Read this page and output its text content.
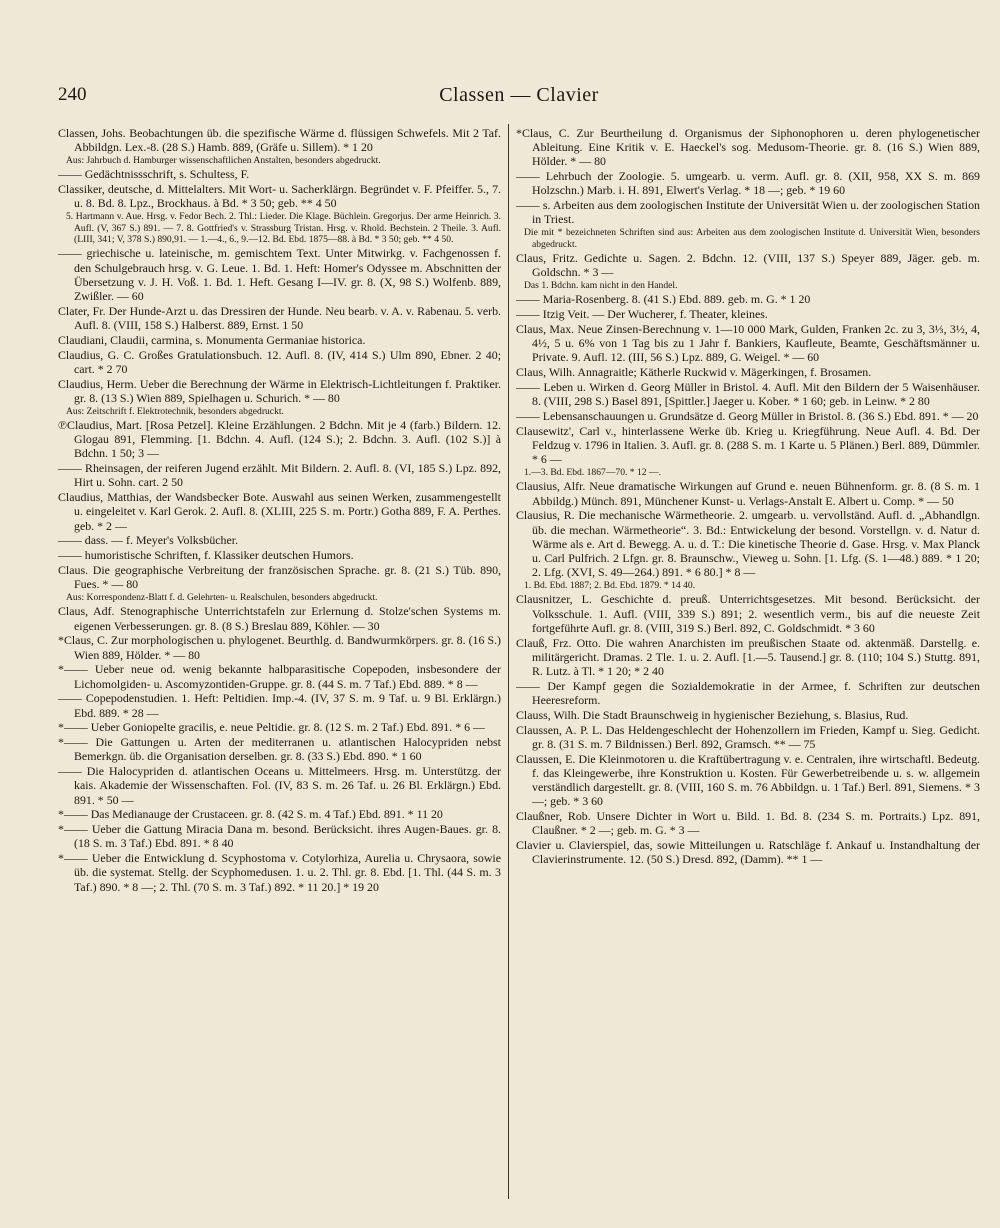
240	Classen — Clavier

Classen, Johs. Beobachtungen üb. die spezifische Wärme d. flüssigen Schwefels. Mit 2 Taf. Abbildgn. Lex.-8. (28 S.) Hamb. 889, (Gräfe u. Sillem). * 1 20

Aus: Jahrbuch d. Hamburger wissenschaftlichen Anstalten, besonders abgedruckt.

—— Gedächtnissschrift, s. Schultess, F.

Classiker, deutsche, d. Mittelalters. Mit Wort- u. Sacherklärgn. Begründet v. F. Pfeiffer. 5., 7. u. 8. Bd. 8. Lpz., Brockhaus. à Bd. * 3 50; geb. ** 4 50

5. Hartmann v. Aue. Hrsg. v. Fedor Bech. 2. Thl.: Lieder. Die Klage. Büchlein. Gregorjus. Der arme Heinrich. 3. Aufl. (V, 367 S.) 891. — 7. 8. Gottfried's v. Strassburg Tristan. Hrsg. v. Rhold. Bechstein. 2 Theile. 3. Aufl. (LIII, 341; V, 378 S.) 890,91. — 1.—4., 6., 9.—12. Bd. Ebd. 1875—88. à Bd. * 3 50; geb. ** 4 50.

—— griechische u. lateinische, m. gemischtem Text. Unter Mitwirkg. v. Fachgenossen f. den Schulgebrauch hrsg. v. G. Leue. 1. Bd. 1. Heft: Homer's Odyssee m. Abschnitten der Übersetzung v. J. H. Voß. 1. Bd. 1. Heft. Gesang I—IV. gr. 8. (X, 98 S.) Wolfenb. 889, Zwißler. — 60

Clater, Fr. Der Hunde-Arzt u. das Dressiren der Hunde. Neu bearb. v. A. v. Rabenau. 5. verb. Aufl. 8. (VIII, 158 S.) Halberst. 889, Ernst. 1 50

Claudiani, Claudii, carmina, s. Monumenta Germaniae historica.

Claudius, G. C. Großes Gratulationsbuch. 12. Aufl. 8. (IV, 414 S.) Ulm 890, Ebner. 2 40; cart. * 2 70

Claudius, Herm. Ueber die Berechnung der Wärme in Elektrisch-Lichtleitungen f. Praktiker. gr. 8. (13 S.) Wien 889, Spielhagen u. Schurich. * — 80

Aus: Zeitschrift f. Elektrotechnik, besonders abgedruckt.

℗Claudius, Mart. [Rosa Petzel]. Kleine Erzählungen. 2 Bdchn. Mit je 4 (farb.) Bildern. 12. Glogau 891, Flemming. [1. Bdchn. 4. Aufl. (124 S.); 2. Bdchn. 3. Aufl. (102 S.)] à Bdchn. 1 50; 3 —

—— Rheinsagen, der reiferen Jugend erzählt. Mit Bildern. 2. Aufl. 8. (VI, 185 S.) Lpz. 892, Hirt u. Sohn. cart. 2 50

Claudius, Matthias, der Wandsbecker Bote. Auswahl aus seinen Werken, zusammengestellt u. eingeleitet v. Karl Gerok. 2. Aufl. 8. (XLIII, 225 S. m. Portr.) Gotha 889, F. A. Perthes. geb. * 2 —

—— dass. — f. Meyer's Volksbücher.

—— humoristische Schriften, f. Klassiker deutschen Humors.

Claus. Die geographische Verbreitung der französischen Sprache. gr. 8. (21 S.) Tüb. 890, Fues. * — 80

Aus: Korrespondenz-Blatt f. d. Gelehrten- u. Realschulen, besonders abgedruckt.

Claus, Adf. Stenographische Unterrichtstafeln zur Erlernung d. Stolze'schen Systems m. eigenen Verbesserungen. gr. 8. (8 S.) Breslau 889, Köhler. — 30

*Claus, C. Zur morphologischen u. phylogenet. Beurthlg. d. Bandwurmkörpers. gr. 8. (16 S.) Wien 889, Hölder. * — 80

*—— Ueber neue od. wenig bekannte halbparasitische Copepoden, insbesondere der Lichomolgiden- u. Ascomyzontiden-Gruppe. gr. 8. (44 S. m. 7 Taf.) Ebd. 889. * 8 —

—— Copepodenstudien. 1. Heft: Peltidien. Imp.-4. (IV, 37 S. m. 9 Taf. u. 9 Bl. Erklärgn.) Ebd. 889. * 28 —

*—— Ueber Goniopelte gracilis, e. neue Peltidie. gr. 8. (12 S. m. 2 Taf.) Ebd. 891. * 6 —

*—— Die Gattungen u. Arten der mediterranen u. atlantischen Halocypriden nebst Bemerkgn. üb. die Organisation derselben. gr. 8. (33 S.) Ebd. 890. * 1 60

—— Die Halocypriden d. atlantischen Oceans u. Mittelmeers. Hrsg. m. Unterstützg. der kais. Akademie der Wissenschaften. Fol. (IV, 83 S. m. 26 Taf. u. 26 Bl. Erklärgn.) Ebd. 891. * 50 —

*—— Das Medianauge der Crustaceen. gr. 8. (42 S. m. 4 Taf.) Ebd. 891. * 11 20

*—— Ueber die Gattung Miracia Dana m. besond. Berücksicht. ihres Augen-Baues. gr. 8. (18 S. m. 3 Taf.) Ebd. 891. * 8 40

*—— Ueber die Entwicklung d. Scyphostoma v. Cotylorhiza, Aurelia u. Chrysaora, sowie üb. die systemat. Stellg. der Scyphomedusen. 1. u. 2. Thl. gr. 8. Ebd. [1. Thl. (44 S. m. 3 Taf.) 890. * 8 —; 2. Thl. (70 S. m. 3 Taf.) 892. * 11 20.] * 19 20

*Claus, C. Zur Beurtheilung d. Organismus der Siphonophoren u. deren phylogenetischer Ableitung. Eine Kritik v. E. Haeckel's sog. Medusom-Theorie. gr. 8. (16 S.) Wien 889, Hölder. * — 80

—— Lehrbuch der Zoologie. 5. umgearb. u. verm. Aufl. gr. 8. (XII, 958, XX S. m. 869 Holzschn.) Marb. i. H. 891, Elwert's Verlag. * 18 —; geb. * 19 60

—— s. Arbeiten aus dem zoologischen Institute der Universität Wien u. der zoologischen Station in Triest.

Die mit * bezeichneten Schriften sind aus: Arbeiten aus dem zoologischen Institute d. Universität Wien, besonders abgedruckt.

Claus, Fritz. Gedichte u. Sagen. 2. Bdchn. 12. (VIII, 137 S.) Speyer 889, Jäger. geb. m. Goldschn. * 3 —

Das 1. Bdchn. kam nicht in den Handel.

—— Maria-Rosenberg. 8. (41 S.) Ebd. 889. geb. m. G. * 1 20

—— Itzig Veit. — Der Wucherer, f. Theater, kleines.

Claus, Max. Neue Zinsen-Berechnung v. 1—10 000 Mark, Gulden, Franken 2c. zu 3, 3⅓, 3½, 4, 4½, 5 u. 6% von 1 Tag bis zu 1 Jahr f. Bankiers, Kaufleute, Beamte, Geschäftsmänner u. Private. 9. Aufl. 12. (III, 56 S.) Lpz. 889, G. Weigel. * — 60

Claus, Wilh. Annagraitle; Kätherle Ruckwid v. Mägerkingen, f. Brosamen.

—— Leben u. Wirken d. Georg Müller in Bristol. 4. Aufl. Mit den Bildern der 5 Waisenhäuser. 8. (VIII, 298 S.) Basel 891, [Spittler.] Jaeger u. Kober. * 1 60; geb. in Leinw. * 2 80

—— Lebensanschauungen u. Grundsätze d. Georg Müller in Bristol. 8. (36 S.) Ebd. 891. * — 20

Clausewitz', Carl v., hinterlassene Werke üb. Krieg u. Kriegführung. Neue Aufl. 4. Bd. Der Feldzug v. 1796 in Italien. 3. Aufl. gr. 8. (288 S. m. 1 Karte u. 5 Plänen.) Berl. 889, Dümmler. * 6 —

1.—3. Bd. Ebd. 1867—70. * 12 —.

Clausius, Alfr. Neue dramatische Wirkungen auf Grund e. neuen Bühnenform. gr. 8. (8 S. m. 1 Abbildg.) Münch. 891, Münchener Kunst- u. Verlags-Anstalt E. Albert u. Comp. * — 50

Clausius, R. Die mechanische Wärmetheorie. 2. umgearb. u. vervollständ. Aufl. d. „Abhandlgn. üb. die mechan. Wärmetheorie“. 3. Bd.: Entwickelung der besond. Vorstellgn. v. d. Natur d. Wärme als e. Art d. Bewegg. A. u. d. T.: Die kinetische Theorie d. Gase. Hrsg. v. Max Planck u. Carl Pulfrich. 2 Lfgn. gr. 8. Braunschw., Vieweg u. Sohn. [1. Lfg. (S. 1—48.) 889. * 1 20; 2. Lfg. (XVI, S. 49—264.) 891. * 6 80.] * 8 —

1. Bd. Ebd. 1887; 2. Bd. Ebd. 1879. * 14 40.

Clausnitzer, L. Geschichte d. preuß. Unterrichtsgesetzes. Mit besond. Berücksicht. der Volksschule. 1. Aufl. (VIII, 339 S.) 891; 2. wesentlich verm., bis auf die neueste Zeit fortgeführte Aufl. gr. 8. (VIII, 319 S.) Berl. 892, C. Goldschmidt. * 3 60

Clauß, Frz. Otto. Die wahren Anarchisten im preußischen Staate od. aktenmäß. Darstellg. e. militärgericht. Dramas. 2 Tle. 1. u. 2. Aufl. [1.—5. Tausend.] gr. 8. (110; 104 S.) Stuttg. 891, R. Lutz. à Tl. * 1 20; * 2 40

—— Der Kampf gegen die Sozialdemokratie in der Armee, f. Schriften zur deutschen Heeresreform.

Clauss, Wilh. Die Stadt Braunschweig in hygienischer Beziehung, s. Blasius, Rud.

Claussen, A. P. L. Das Heldengeschlecht der Hohenzollern im Frieden, Kampf u. Sieg. Gedicht. gr. 8. (31 S. m. 7 Bildnissen.) Berl. 892, Gramsch. ** — 75

Claussen, E. Die Kleinmotoren u. die Kraftübertragung v. e. Centralen, ihre wirtschaftl. Bedeutg. f. das Kleingewerbe, ihre Konstruktion u. Kosten. Für Gewerbetreibende u. s. w. allgemein verständlich dargestellt. gr. 8. (VIII, 160 S. m. 76 Abbildgn. u. 1 Taf.) Berl. 891, Siemens. * 3 —; geb. * 3 60

Claußner, Rob. Unsere Dichter in Wort u. Bild. 1. Bd. 8. (234 S. m. Portraits.) Lpz. 891, Claußner. * 2 —; geb. m. G. * 3 —

Clavier u. Clavierspiel, das, sowie Mitteilungen u. Ratschläge f. Ankauf u. Instandhaltung der Clavierinstrumente. 12. (50 S.) Dresd. 892, (Damm). ** 1 —
